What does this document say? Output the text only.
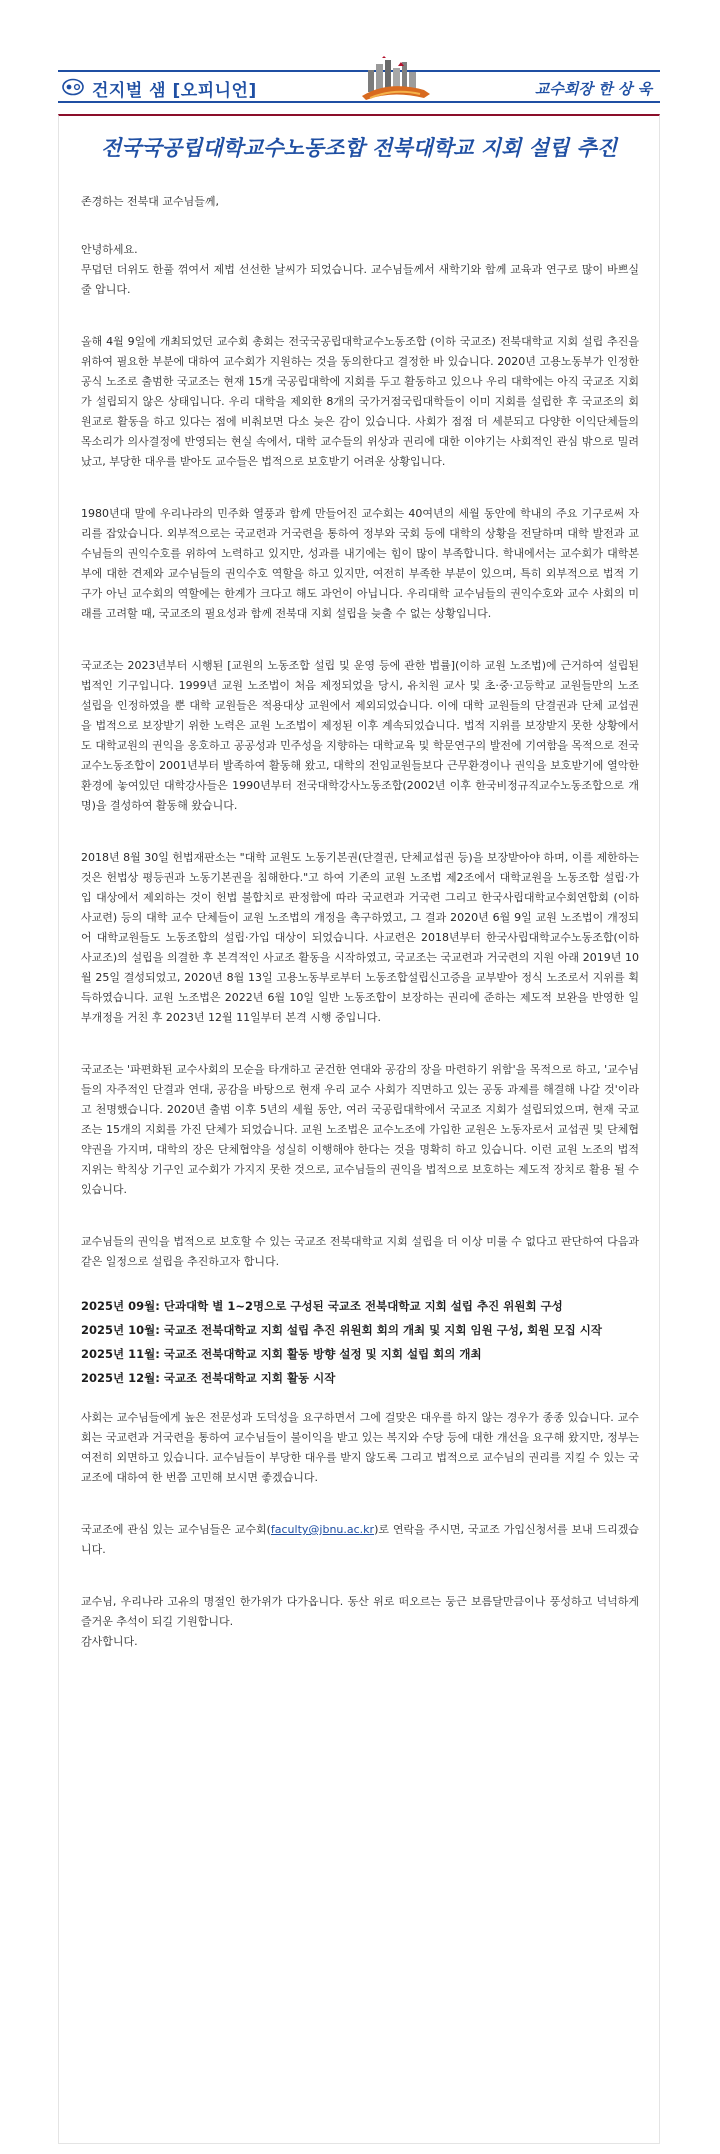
건지벌 샘 [오피니언]	교수회장 한 상 욱
전국국공립대학교수노동조합 전북대학교 지회 설립 추진

존경하는 전북대 교수님들께,

안녕하세요.

무덥던 더위도 한풀 꺾여서 제법 선선한 날씨가 되었습니다. 교수님들께서 새학기와 함께 교육과 연구로 많이 바쁘실 줄 압니다.

올해 4월 9일에 개최되었던 교수회 총회는 전국국공립대학교수노동조합 (이하 국교조) 전북대학교 지회 설립 추진을 위하여 필요한 부분에 대하여 교수회가 지원하는 것을 동의한다고 결정한 바 있습니다. 2020년 고용노동부가 인정한 공식 노조로 출범한 국교조는 현재 15개 국공립대학에 지회를 두고 활동하고 있으나 우리 대학에는 아직 국교조 지회가 설립되지 않은 상태입니다. 우리 대학을 제외한 8개의 국가거점국립대학들이 이미 지회를 설립한 후 국교조의 회원교로 활동을 하고 있다는 점에 비춰보면 다소 늦은 감이 있습니다. 사회가 점점 더 세분되고 다양한 이익단체들의 목소리가 의사결정에 반영되는 현실 속에서, 대학 교수들의 위상과 권리에 대한 이야기는 사회적인 관심 밖으로 밀려났고, 부당한 대우를 받아도 교수들은 법적으로 보호받기 어려운 상황입니다.

1980년대 말에 우리나라의 민주화 열풍과 함께 만들어진 교수회는 40여년의 세월 동안에 학내의 주요 기구로써 자리를 잡았습니다. 외부적으로는 국교련과 거국련을 통하여 정부와 국회 등에 대학의 상황을 전달하며 대학 발전과 교수님들의 권익수호를 위하여 노력하고 있지만, 성과를 내기에는 힘이 많이 부족합니다. 학내에서는 교수회가 대학본부에 대한 견제와 교수님들의 권익수호 역할을 하고 있지만, 여전히 부족한 부분이 있으며, 특히 외부적으로 법적 기구가 아닌 교수회의 역할에는 한계가 크다고 해도 과언이 아닙니다. 우리대학 교수님들의 권익수호와 교수 사회의 미래를 고려할 때, 국교조의 필요성과 함께 전북대 지회 설립을 늦출 수 없는 상황입니다.

국교조는 2023년부터 시행된 [교원의 노동조합 설립 및 운영 등에 관한 법률](이하 교원 노조법)에 근거하여 설립된 법적인 기구입니다. 1999년 교원 노조법이 처음 제정되었을 당시, 유치원 교사 및 초·중·고등학교 교원들만의 노조 설립을 인정하였을 뿐 대학 교원들은 적용대상 교원에서 제외되었습니다. 이에 대학 교원들의 단결권과 단체 교섭권을 법적으로 보장받기 위한 노력은 교원 노조법이 제정된 이후 계속되었습니다. 법적 지위를 보장받지 못한 상황에서도 대학교원의 권익을 옹호하고 공공성과 민주성을 지향하는 대학교육 및 학문연구의 발전에 기여함을 목적으로 전국교수노동조합이 2001년부터 발족하여 활동해 왔고, 대학의 전임교원들보다 근무환경이나 권익을 보호받기에 열악한 환경에 놓여있던 대학강사들은 1990년부터 전국대학강사노동조합(2002년 이후 한국비정규직교수노동조합으로 개명)을 결성하여 활동해 왔습니다.

2018년 8월 30일 헌법재판소는 "대학 교원도 노동기본권(단결권, 단체교섭권 등)을 보장받아야 하며, 이를 제한하는 것은 헌법상 평등권과 노동기본권을 침해한다."고 하여 기존의 교원 노조법 제2조에서 대학교원을 노동조합 설립·가입 대상에서 제외하는 것이 헌법 불합치로 판정함에 따라 국교련과 거국련 그리고 한국사립대학교수회연합회 (이하 사교련) 등의 대학 교수 단체들이 교원 노조법의 개정을 촉구하였고, 그 결과 2020년 6월 9일 교원 노조법이 개정되어 대학교원들도 노동조합의 설립·가입 대상이 되었습니다. 사교련은 2018년부터 한국사립대학교수노동조합(이하 사교조)의 설립을 의결한 후 본격적인 사교조 활동을 시작하였고, 국교조는 국교련과 거국련의 지원 아래 2019년 10월 25일 결성되었고, 2020년 8월 13일 고용노동부로부터 노동조합설립신고증을 교부받아 정식 노조로서 지위를 획득하였습니다. 교원 노조법은 2022년 6월 10일 일반 노동조합이 보장하는 권리에 준하는 제도적 보완을 반영한 일부개정을 거친 후 2023년 12월 11일부터 본격 시행 중입니다.

국교조는 '파편화된 교수사회의 모순을 타개하고 굳건한 연대와 공감의 장을 마련하기 위함'을 목적으로 하고, '교수님들의 자주적인 단결과 연대, 공감을 바탕으로 현재 우리 교수 사회가 직면하고 있는 공동 과제를 해결해 나갈 것'이라고 천명했습니다. 2020년 출범 이후 5년의 세월 동안, 여러 국공립대학에서 국교조 지회가 설립되었으며, 현재 국교조는 15개의 지회를 가진 단체가 되었습니다. 교원 노조법은 교수노조에 가입한 교원은 노동자로서 교섭권 및 단체협약권을 가지며, 대학의 장은 단체협약을 성실히 이행해야 한다는 것을 명확히 하고 있습니다. 이런 교원 노조의 법적 지위는 학칙상 기구인 교수회가 가지지 못한 것으로, 교수님들의 권익을 법적으로 보호하는 제도적 장치로 활용 될 수 있습니다.

교수님들의 권익을 법적으로 보호할 수 있는 국교조 전북대학교 지회 설립을 더 이상 미룰 수 없다고 판단하여 다음과 같은 일정으로 설립을 추진하고자 합니다.

2025년 09월: 단과대학 별 1~2명으로 구성된 국교조 전북대학교 지회 설립 추진 위원회 구성
2025년 10월: 국교조 전북대학교 지회 설립 추진 위원회 회의 개최 및 지회 임원 구성, 회원 모집 시작
2025년 11월: 국교조 전북대학교 지회 활동 방향 설정 및 지회 설립 회의 개최
2025년 12월: 국교조 전북대학교 지회 활동 시작

사회는 교수님들에게 높은 전문성과 도덕성을 요구하면서 그에 걸맞은 대우를 하지 않는 경우가 종종 있습니다. 교수회는 국교련과 거국련을 통하여 교수님들이 불이익을 받고 있는 복지와 수당 등에 대한 개선을 요구해 왔지만, 정부는 여전히 외면하고 있습니다. 교수님들이 부당한 대우를 받지 않도록 그리고 법적으로 교수님의 권리를 지킬 수 있는 국교조에 대하여 한 번쯤 고민해 보시면 좋겠습니다.

국교조에 관심 있는 교수님들은 교수회(faculty@jbnu.ac.kr)로 연락을 주시면, 국교조 가입신청서를 보내 드리겠습니다.

교수님, 우리나라 고유의 명절인 한가위가 다가옵니다. 동산 위로 떠오르는 둥근 보름달만큼이나 풍성하고 넉넉하게 즐거운 추석이 되길 기원합니다.

감사합니다.
